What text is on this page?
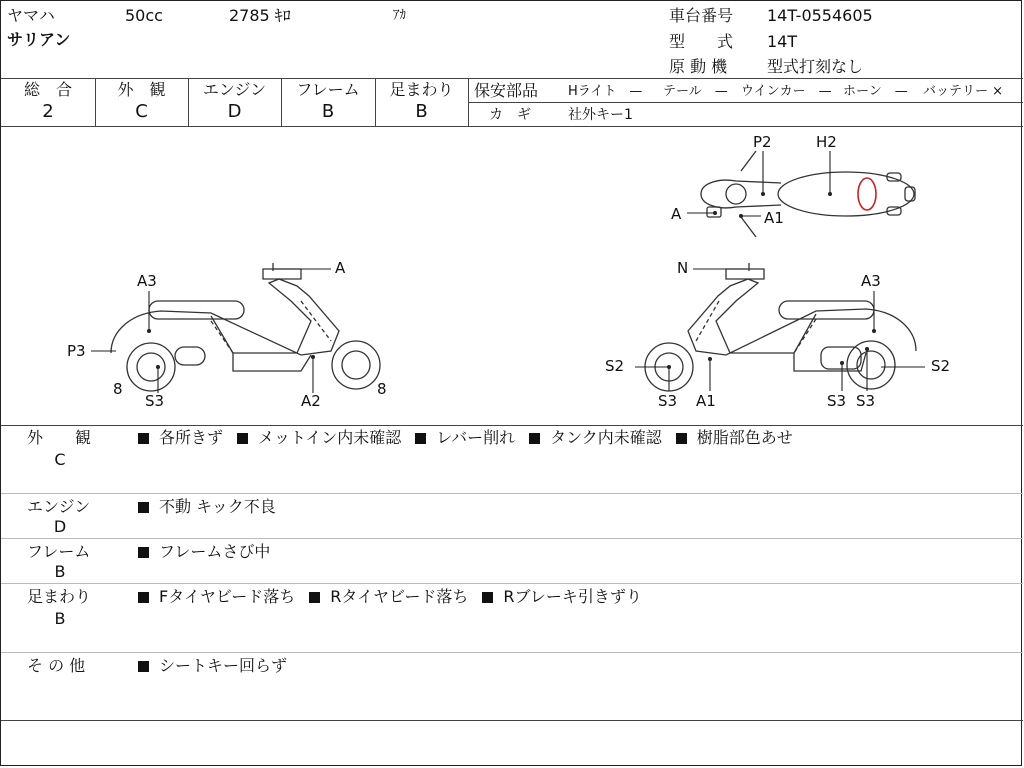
ヤマハ
サリアン
50cc	2785 ｷﾛ	ｱｶ	車台番号 14T-0554605
型　　式 14T
原 動 機 型式打刻なし
総　合
2
外　観
C
エンジン
D
フレーム
B
足まわり
B
保安部品 Hライト　— テール　— ウインカー　— ホーン　— バッテリー ×
カ　ギ	社外キー1
A3
A
P3
8
S3	A2
8
N
A3
S2	S2
S3 A1	S3 S3
P2	H2
A	A1
外　　観
C
各所きず メットイン内未確認 レバー削れ タンク内未確認 樹脂部色あせ
エンジン
D
不動 キック不良
フレーム
B
フレームさび中
足まわり
B
Fタイヤビード落ち Rタイヤビード落ち Rブレーキ引きずり
そ の 他	シートキー回らず
